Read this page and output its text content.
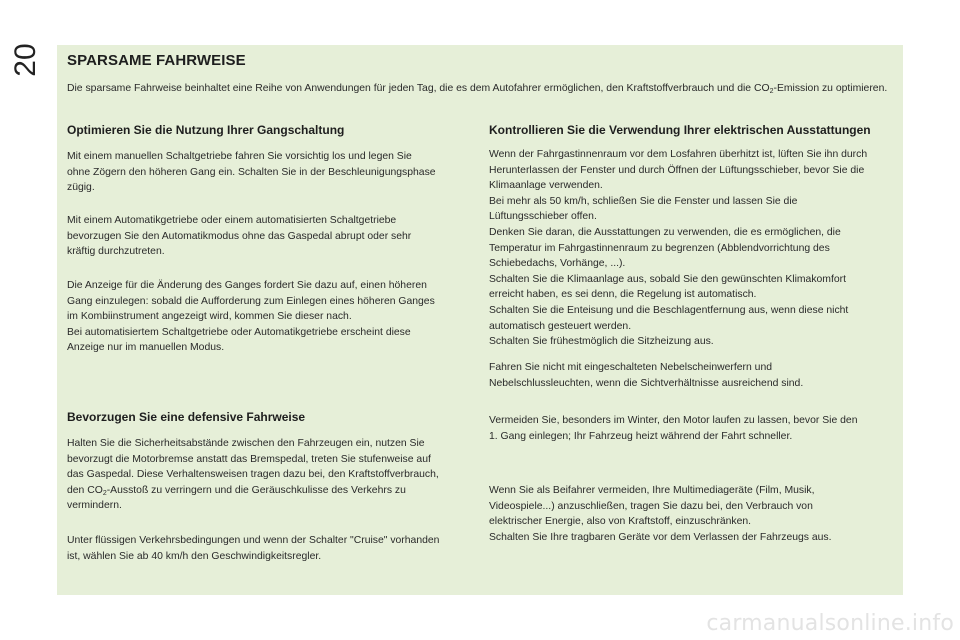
20 SPARSAME FAHRWEISE

Die sparsame Fahrweise beinhaltet eine Reihe von Anwendungen für jeden Tag, die es dem Autofahrer ermöglichen, den Kraftstoffverbrauch und die $CO_2$-Emission zu optimieren.

Optimieren Sie die Nutzung Ihrer Gangschaltung

Mit einem manuellen Schaltgetriebe fahren Sie vorsichtig los und legen Sie
ohne Zögern den höheren Gang ein. Schalten Sie in der Beschleunigungsphase
zügig.

Mit einem Automatikgetriebe oder einem automatisierten Schaltgetriebe
bevorzugen Sie den Automatikmodus ohne das Gaspedal abrupt oder sehr
kräftig durchzutreten.

Die Anzeige für die Änderung des Ganges fordert Sie dazu auf, einen höheren
Gang einzulegen: sobald die Aufforderung zum Einlegen eines höheren Ganges
im Kombiinstrument angezeigt wird, kommen Sie dieser nach.
Bei automatisiertem Schaltgetriebe oder Automatikgetriebe erscheint diese
Anzeige nur im manuellen Modus.

Bevorzugen Sie eine defensive Fahrweise

Halten Sie die Sicherheitsabstände zwischen den Fahrzeugen ein, nutzen Sie
bevorzugt die Motorbremse anstatt das Bremspedal, treten Sie stufenweise auf
das Gaspedal. Diese Verhaltensweisen tragen dazu bei, den Kraftstoffverbrauch,
den $CO_2$-Ausstoß zu verringern und die Geräuschkulisse des Verkehrs zu
vermindern.

Unter flüssigen Verkehrsbedingungen und wenn der Schalter "Cruise" vorhanden
ist, wählen Sie ab 40 km/h den Geschwindigkeitsregler.

Kontrollieren Sie die Verwendung Ihrer elektrischen Ausstattungen

Wenn der Fahrgastinnenraum vor dem Losfahren überhitzt ist, lüften Sie ihn durch
Herunterlassen der Fenster und durch Öffnen der Lüftungsschieber, bevor Sie die
Klimaanlage verwenden.
Bei mehr als 50 km/h, schließen Sie die Fenster und lassen Sie die
Lüftungsschieber offen.
Denken Sie daran, die Ausstattungen zu verwenden, die es ermöglichen, die
Temperatur im Fahrgastinnenraum zu begrenzen (Abblendvorrichtung des
Schiebedachs, Vorhänge, ...).
Schalten Sie die Klimaanlage aus, sobald Sie den gewünschten Klimakomfort
erreicht haben, es sei denn, die Regelung ist automatisch.
Schalten Sie die Enteisung und die Beschlagentfernung aus, wenn diese nicht
automatisch gesteuert werden.
Schalten Sie frühestmöglich die Sitzheizung aus.

Fahren Sie nicht mit eingeschalteten Nebelscheinwerfern und
Nebelschlussleuchten, wenn die Sichtverhältnisse ausreichend sind.

Vermeiden Sie, besonders im Winter, den Motor laufen zu lassen, bevor Sie den
1. Gang einlegen; Ihr Fahrzeug heizt während der Fahrt schneller.

Wenn Sie als Beifahrer vermeiden, Ihre Multimediageräte (Film, Musik,
Videospiele...) anzuschließen, tragen Sie dazu bei, den Verbrauch von
elektrischer Energie, also von Kraftstoff, einzuschränken.
Schalten Sie Ihre tragbaren Geräte vor dem Verlassen der Fahrzeugs aus.

carmanualsonline.info
